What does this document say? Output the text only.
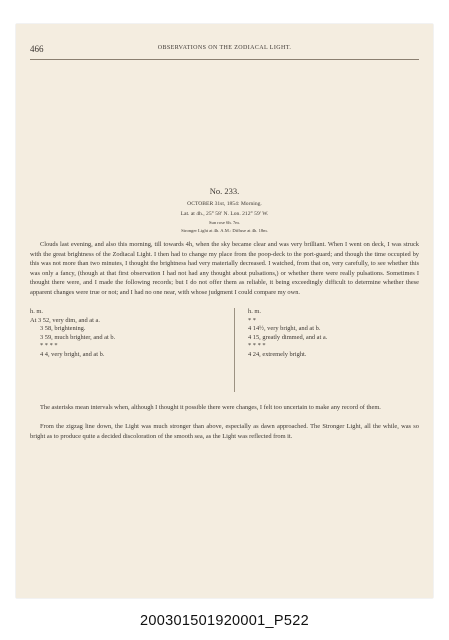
466	OBSERVATIONS ON THE ZODIACAL LIGHT.
No. 233.
OCTOBER 31st, 1854: Morning.
Lat. at 4h., 25° 58′ N. Lon. 212° 59′ W.
Sun rose 6h. 7m.
Stronger Light at 4h. A.M.: Diffuse at 4h. 18m.

Clouds last evening, and also this morning, till towards 4h, when the sky became clear and was very brilliant. When I went on deck, I was struck with the great brightness of the Zodiacal Light. I then had to change my place from the poop-deck to the port-guard; and though the time occupied by this was not more than two minutes, I thought the brightness had very materially decreased. I watched, from that on, very carefully, to see whether this was only a fancy, (though at that first observation I had not had any thought about pulsations,) or whether there were really pulsations. Sometimes I thought there were, and I made the following records; but I do not offer them as reliable, it being exceedingly difficult to determine whether these apparent changes were true or not; and I had no one near, with whose judgment I could compare my own.

h. m.
At 3 52, very dim, and at a.
3 58, brightening.
3 59, much brighter, and at b.
* * * *
4 4, very bright, and at b.
h. m.
* *
4 14½, very bright, and at b.
4 15, greatly dimmed, and at a.
* * * *
4 24, extremely bright.

The asterisks mean intervals when, although I thought it possible there were changes, I felt too uncertain to make any record of them.

From the zigzag line down, the Light was much stronger than above, especially as dawn approached. The Stronger Light, all the while, was so bright as to produce quite a decided discoloration of the smooth sea, as the Light was reflected from it.

200301501920001_P522
